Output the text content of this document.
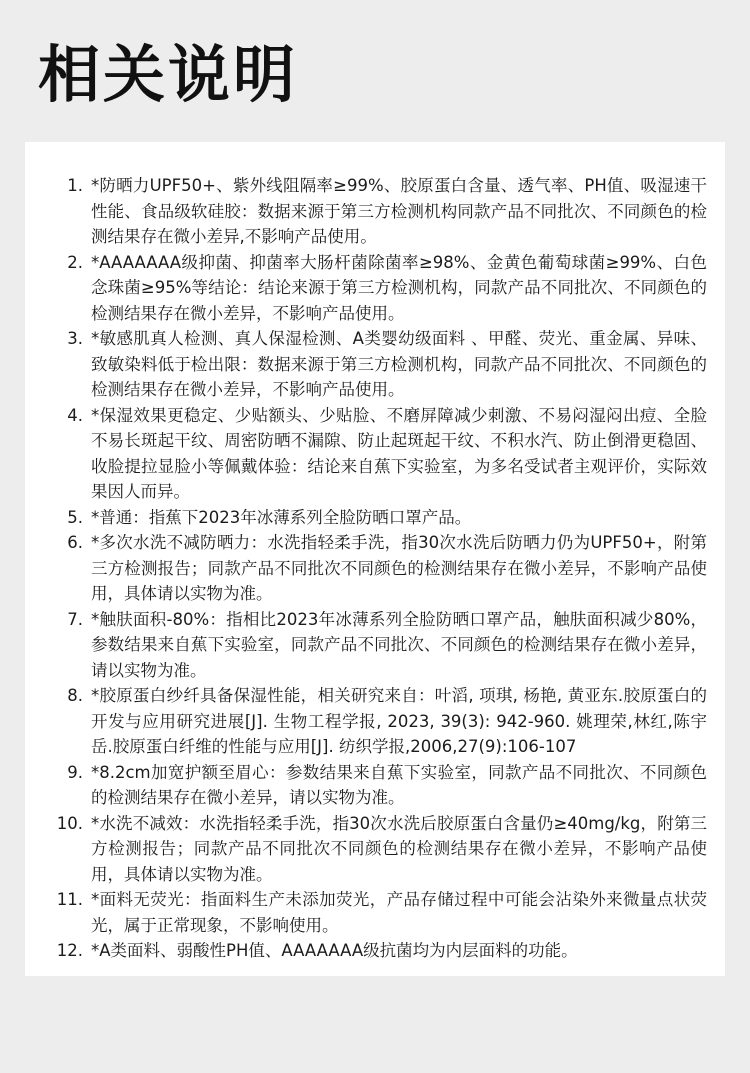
相关说明
1. *防晒力UPF50+、紫外线阻隔率≥99%、胶原蛋白含量、透气率、PH值、吸湿速干性能、食品级软硅胶：数据来源于第三方检测机构同款产品不同批次、不同颜色的检测结果存在微小差异,不影响产品使用。
2. *AAAAAAA级抑菌、抑菌率大肠杆菌除菌率≥98%、金黄色葡萄球菌≥99%、白色念珠菌≥95%等结论：结论来源于第三方检测机构，同款产品不同批次、不同颜色的检测结果存在微小差异，不影响产品使用。
3. *敏感肌真人检测、真人保湿检测、A类婴幼级面料 、甲醛、荧光、重金属、异味、致敏染料低于检出限：数据来源于第三方检测机构，同款产品不同批次、不同颜色的检测结果存在微小差异，不影响产品使用。
4. *保湿效果更稳定、少贴额头、少贴脸、不磨屏障减少刺激、不易闷湿闷出痘、全脸不易长斑起干纹、周密防晒不漏隙、防止起斑起干纹、不积水汽、防止倒滑更稳固、收脸提拉显脸小等佩戴体验：结论来自蕉下实验室，为多名受试者主观评价，实际效果因人而异。
5. *普通：指蕉下2023年冰薄系列全脸防晒口罩产品。
6. *多次水洗不减防晒力：水洗指轻柔手洗，指30次水洗后防晒力仍为UPF50+，附第三方检测报告；同款产品不同批次不同颜色的检测结果存在微小差异，不影响产品使用，具体请以实物为准。
7. *触肤面积-80%：指相比2023年冰薄系列全脸防晒口罩产品，触肤面积减少80%，参数结果来自蕉下实验室，同款产品不同批次、不同颜色的检测结果存在微小差异，请以实物为准。
8. *胶原蛋白纱纤具备保湿性能，相关研究来自：叶滔, 项琪, 杨艳, 黄亚东.胶原蛋白的开发与应用研究进展[J]. 生物工程学报, 2023, 39(3): 942-960. 姚理荣,林红,陈宇岳.胶原蛋白纤维的性能与应用[J]. 纺织学报,2006,27(9):106-107
9. *8.2cm加宽护额至眉心：参数结果来自蕉下实验室，同款产品不同批次、不同颜色的检测结果存在微小差异，请以实物为准。
10. *水洗不减效：水洗指轻柔手洗，指30次水洗后胶原蛋白含量仍≥40mg/kg，附第三方检测报告；同款产品不同批次不同颜色的检测结果存在微小差异，不影响产品使用，具体请以实物为准。
11. *面料无荧光：指面料生产未添加荧光，产品存储过程中可能会沾染外来微量点状荧光，属于正常现象，不影响使用。
12. *A类面料、弱酸性PH值、AAAAAAA级抗菌均为内层面料的功能。
